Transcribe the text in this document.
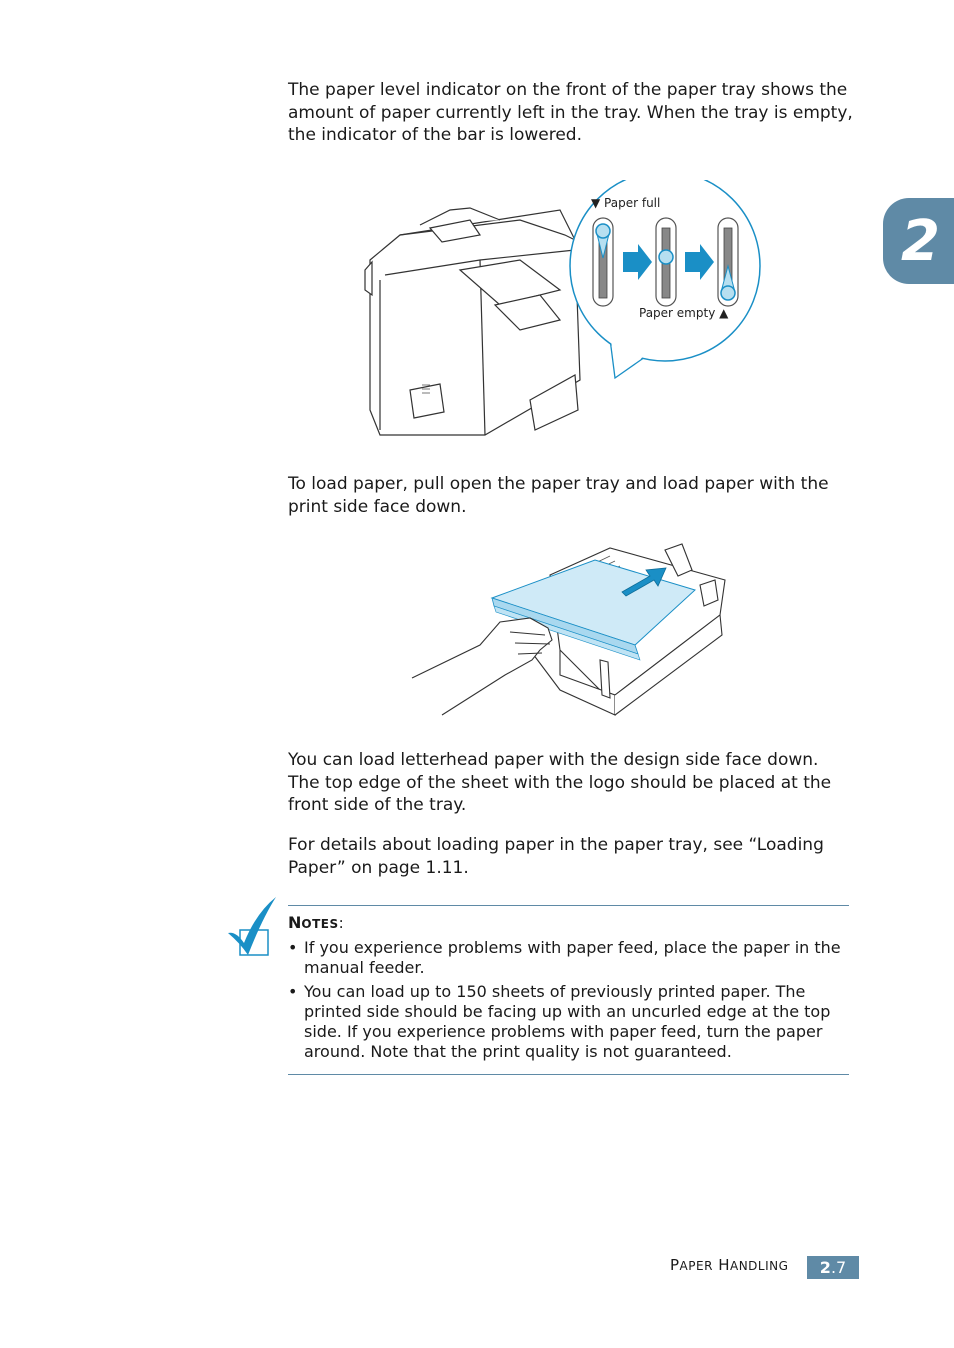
2

The paper level indicator on the front of the paper tray shows the amount of paper currently left in the tray. When the tray is empty, the indicator of the bar is lowered.

▼ Paper full
Paper empty ▲

To load paper, pull open the paper tray and load paper with the print side face down.

You can load letterhead paper with the design side face down. The top edge of the sheet with the logo should be placed at the front side of the tray.

For details about loading paper in the paper tray, see “Loading Paper” on page 1.11.

NOTES:
• If you experience problems with paper feed, place the paper in the manual feeder.
• You can load up to 150 sheets of previously printed paper. The printed side should be facing up with an uncurled edge at the top side. If you experience problems with paper feed, turn the paper around. Note that the print quality is not guaranteed.
PAPER HANDLING 2 .7
